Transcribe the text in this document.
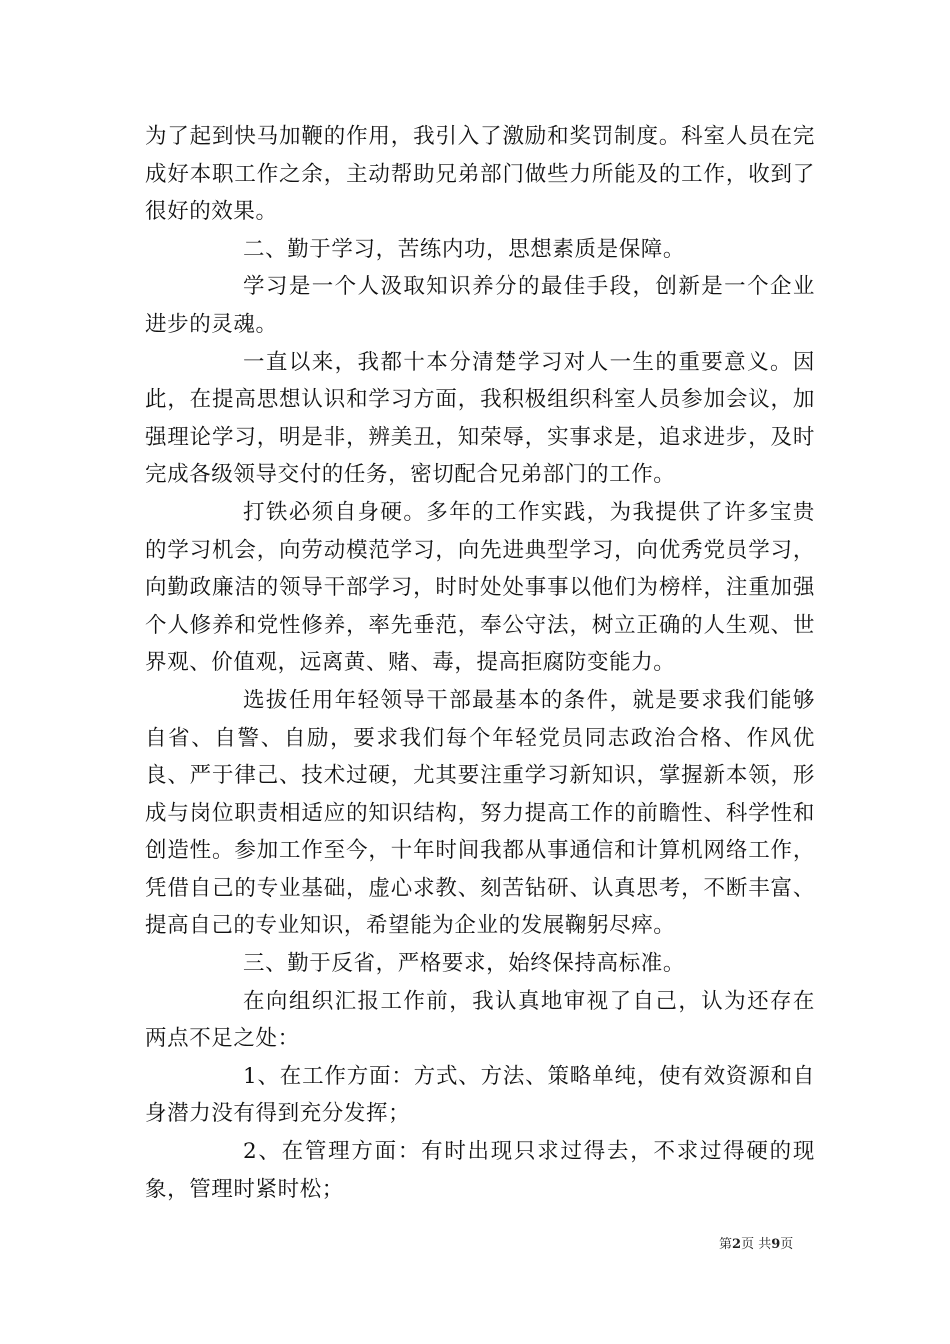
为了起到快马加鞭的作用，我引入了激励和奖罚制度。科室人员在完成好本职工作之余，主动帮助兄弟部门做些力所能及的工作，收到了很好的效果。

二、勤于学习，苦练内功，思想素质是保障。

学习是一个人汲取知识养分的最佳手段，创新是一个企业进步的灵魂。

一直以来，我都十本分清楚学习对人一生的重要意义。因此，在提高思想认识和学习方面，我积极组织科室人员参加会议，加强理论学习，明是非，辨美丑，知荣辱，实事求是，追求进步，及时完成各级领导交付的任务，密切配合兄弟部门的工作。

打铁必须自身硬。多年的工作实践，为我提供了许多宝贵的学习机会，向劳动模范学习，向先进典型学习，向优秀党员学习，向勤政廉洁的领导干部学习，时时处处事事以他们为榜样，注重加强个人修养和党性修养，率先垂范，奉公守法，树立正确的人生观、世界观、价值观，远离黄、赌、毒，提高拒腐防变能力。

选拔任用年轻领导干部最基本的条件，就是要求我们能够自省、自警、自励，要求我们每个年轻党员同志政治合格、作风优良、严于律己、技术过硬，尤其要注重学习新知识，掌握新本领，形成与岗位职责相适应的知识结构，努力提高工作的前瞻性、科学性和创造性。参加工作至今，十年时间我都从事通信和计算机网络工作，凭借自己的专业基础，虚心求教、刻苦钻研、认真思考，不断丰富、提高自己的专业知识，希望能为企业的发展鞠躬尽瘁。

三、勤于反省，严格要求，始终保持高标准。

在向组织汇报工作前，我认真地审视了自己，认为还存在两点不足之处：

1、在工作方面：方式、方法、策略单纯，使有效资源和自身潜力没有得到充分发挥；

2、在管理方面：有时出现只求过得去，不求过得硬的现象，管理时紧时松；

第2页 共9页
